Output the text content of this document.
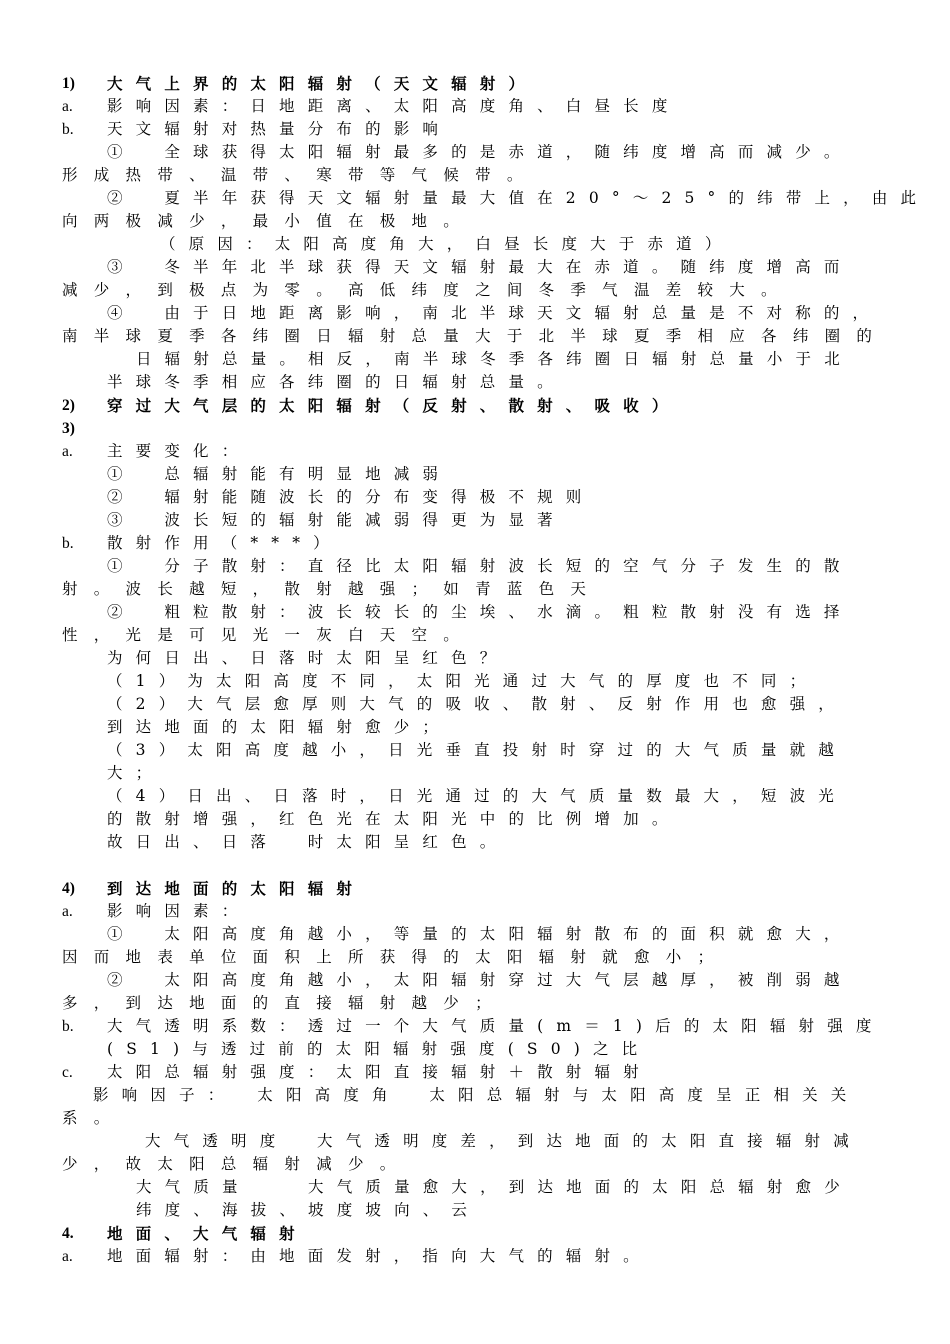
1) 大气上界的太阳辐射（天文辐射）
a. 影响因素：日地距离、太阳高度角、白昼长度
b. 天文辐射对热量分布的影响
①　全球获得太阳辐射最多的是赤道，随纬度增高而减少。
形成热带、温带、寒带等气候带。
②　夏半年获得天文辐射量最大值在20°～25°的纬带上，由此
向两极减少，最小值在极地。
（原因：太阳高度角大，白昼长度大于赤道）
③　冬半年北半球获得天文辐射最大在赤道。随纬度增高而
减少，到极点为零。高低纬度之间冬季气温差较大。
④　由于日地距离影响，南北半球天文辐射总量是不对称的，
南半球夏季各纬圈日辐射总量大于北半球夏季相应各纬圈的
日辐射总量。相反，南半球冬季各纬圈日辐射总量小于北
半球冬季相应各纬圈的日辐射总量。
2) 穿过大气层的太阳辐射（反射、散射、吸收）
3)
a. 主要变化：
①　总辐射能有明显地减弱
②　辐射能随波长的分布变得极不规则
③　波长短的辐射能减弱得更为显著
b. 散射作用（***）
①　分子散射：直径比太阳辐射波长短的空气分子发生的散
射。波长越短，散射越强；如青蓝色天
②　粗粒散射：波长较长的尘埃、水滴。粗粒散射没有选择
性，光是可见光一灰白天空。
为何日出、日落时太阳呈红色？
（1）为太阳高度不同，太阳光通过大气的厚度也不同；
（2）大气层愈厚则大气的吸收、散射、反射作用也愈强，
到达地面的太阳辐射愈少；
（3）太阳高度越小，日光垂直投射时穿过的大气质量就越
大；
（4）日出、日落时，日光通过的大气质量数最大，短波光
的散射增强，红色光在太阳光中的比例增加。
故日出、日落　时太阳呈红色。
4) 到达地面的太阳辐射
a. 影响因素：
①　太阳高度角越小，等量的太阳辐射散布的面积就愈大，
因而地表单位面积上所获得的太阳辐射就愈小；
②　太阳高度角越小，太阳辐射穿过大气层越厚，被削弱越
多，到达地面的直接辐射越少；
b. 大气透明系数：透过一个大气质量(m＝1)后的太阳辐射强度
(S1)与透过前的太阳辐射强度(S0)之比
c. 太阳总辐射强度：太阳直接辐射＋散射辐射
影响因子：　太阳高度角　太阳总辐射与太阳高度呈正相关关
系。
大气透明度　大气透明度差，到达地面的太阳直接辐射减
少，故太阳总辐射减少。
大气质量　　大气质量愈大，到达地面的太阳总辐射愈少
纬度、海拔、坡度坡向、云
4. 地面、大气辐射
a. 地面辐射：由地面发射，指向大气的辐射。
